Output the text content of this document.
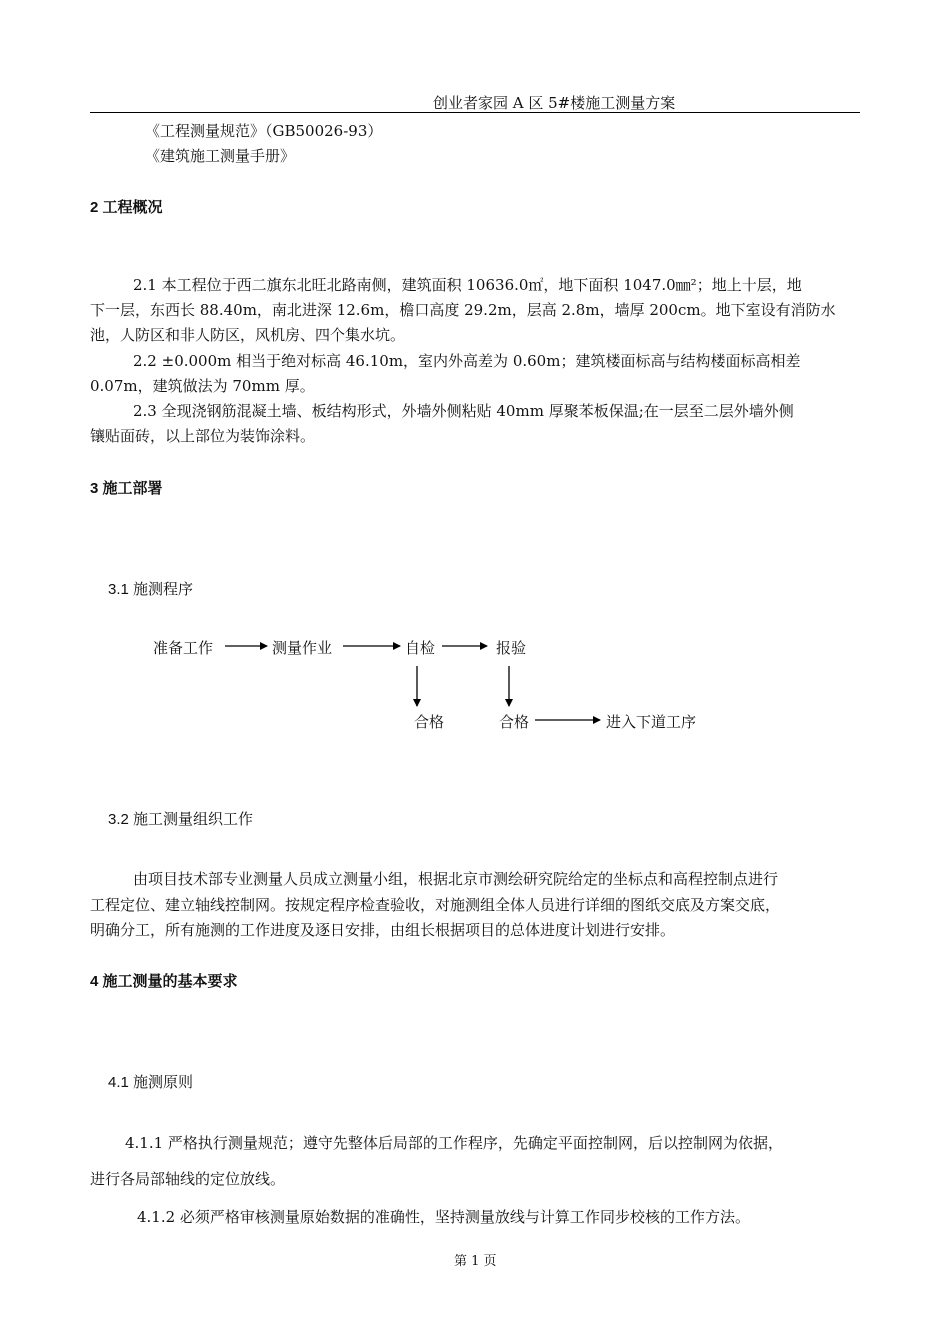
创业者家园 A 区 5#楼施工测量方案
《工程测量规范》（GB50026-93）
《建筑施工测量手册》
2 工程概况
2.1 本工程位于西二旗东北旺北路南侧，建筑面积 10636.0㎡，地下面积 1047.0㎜²；地上十层，地
下一层，东西长 88.40m，南北进深 12.6m，檐口高度 29.2m，层高 2.8m，墙厚 200cm。地下室设有消防水
池，人防区和非人防区，风机房、四个集水坑。
2.2 ±0.000m 相当于绝对标高 46.10m，室内外高差为 0.60m；建筑楼面标高与结构楼面标高相差
0.07m，建筑做法为 70mm 厚。
2.3 全现浇钢筋混凝土墙、板结构形式，外墙外侧粘贴 40mm 厚聚苯板保温;在一层至二层外墙外侧
镶贴面砖，以上部位为装饰涂料。
3 施工部署
3.1 施测程序
准备工作	测量作业	自检	报验
合格	合格	进入下道工序
3.2 施工测量组织工作
由项目技术部专业测量人员成立测量小组，根据北京市测绘研究院给定的坐标点和高程控制点进行
工程定位、建立轴线控制网。按规定程序检查验收，对施测组全体人员进行详细的图纸交底及方案交底，
明确分工，所有施测的工作进度及逐日安排，由组长根据项目的总体进度计划进行安排。
4 施工测量的基本要求
4.1 施测原则
4.1.1 严格执行测量规范；遵守先整体后局部的工作程序，先确定平面控制网，后以控制网为依据，
进行各局部轴线的定位放线。
4.1.2 必须严格审核测量原始数据的准确性，坚持测量放线与计算工作同步校核的工作方法。
第 1 页
